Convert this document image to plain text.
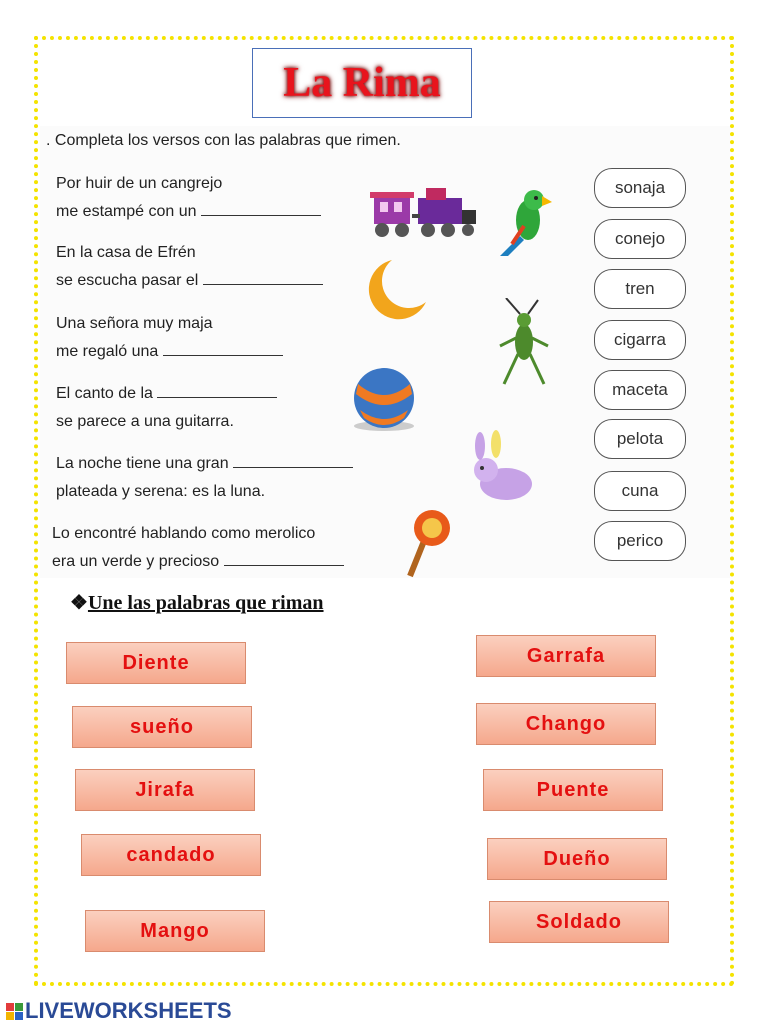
La Rima
. Completa los versos con las palabras que rimen.
Por huir de un cangrejo
me estampé con un
En la casa de Efrén
se escucha pasar el
Una señora muy maja
me regaló una
El canto de la
se parece a una guitarra.
La noche tiene una gran
plateada y serena: es la luna.
Lo encontré hablando como merolico
era un verde y precioso
sonaja
conejo
tren
cigarra
maceta
pelota
cuna
perico
❖Une las palabras que riman
Diente
sueño
Jirafa
candado
Mango
Garrafa
Chango
Puente
Dueño
Soldado
LIVEWORKSHEETS
